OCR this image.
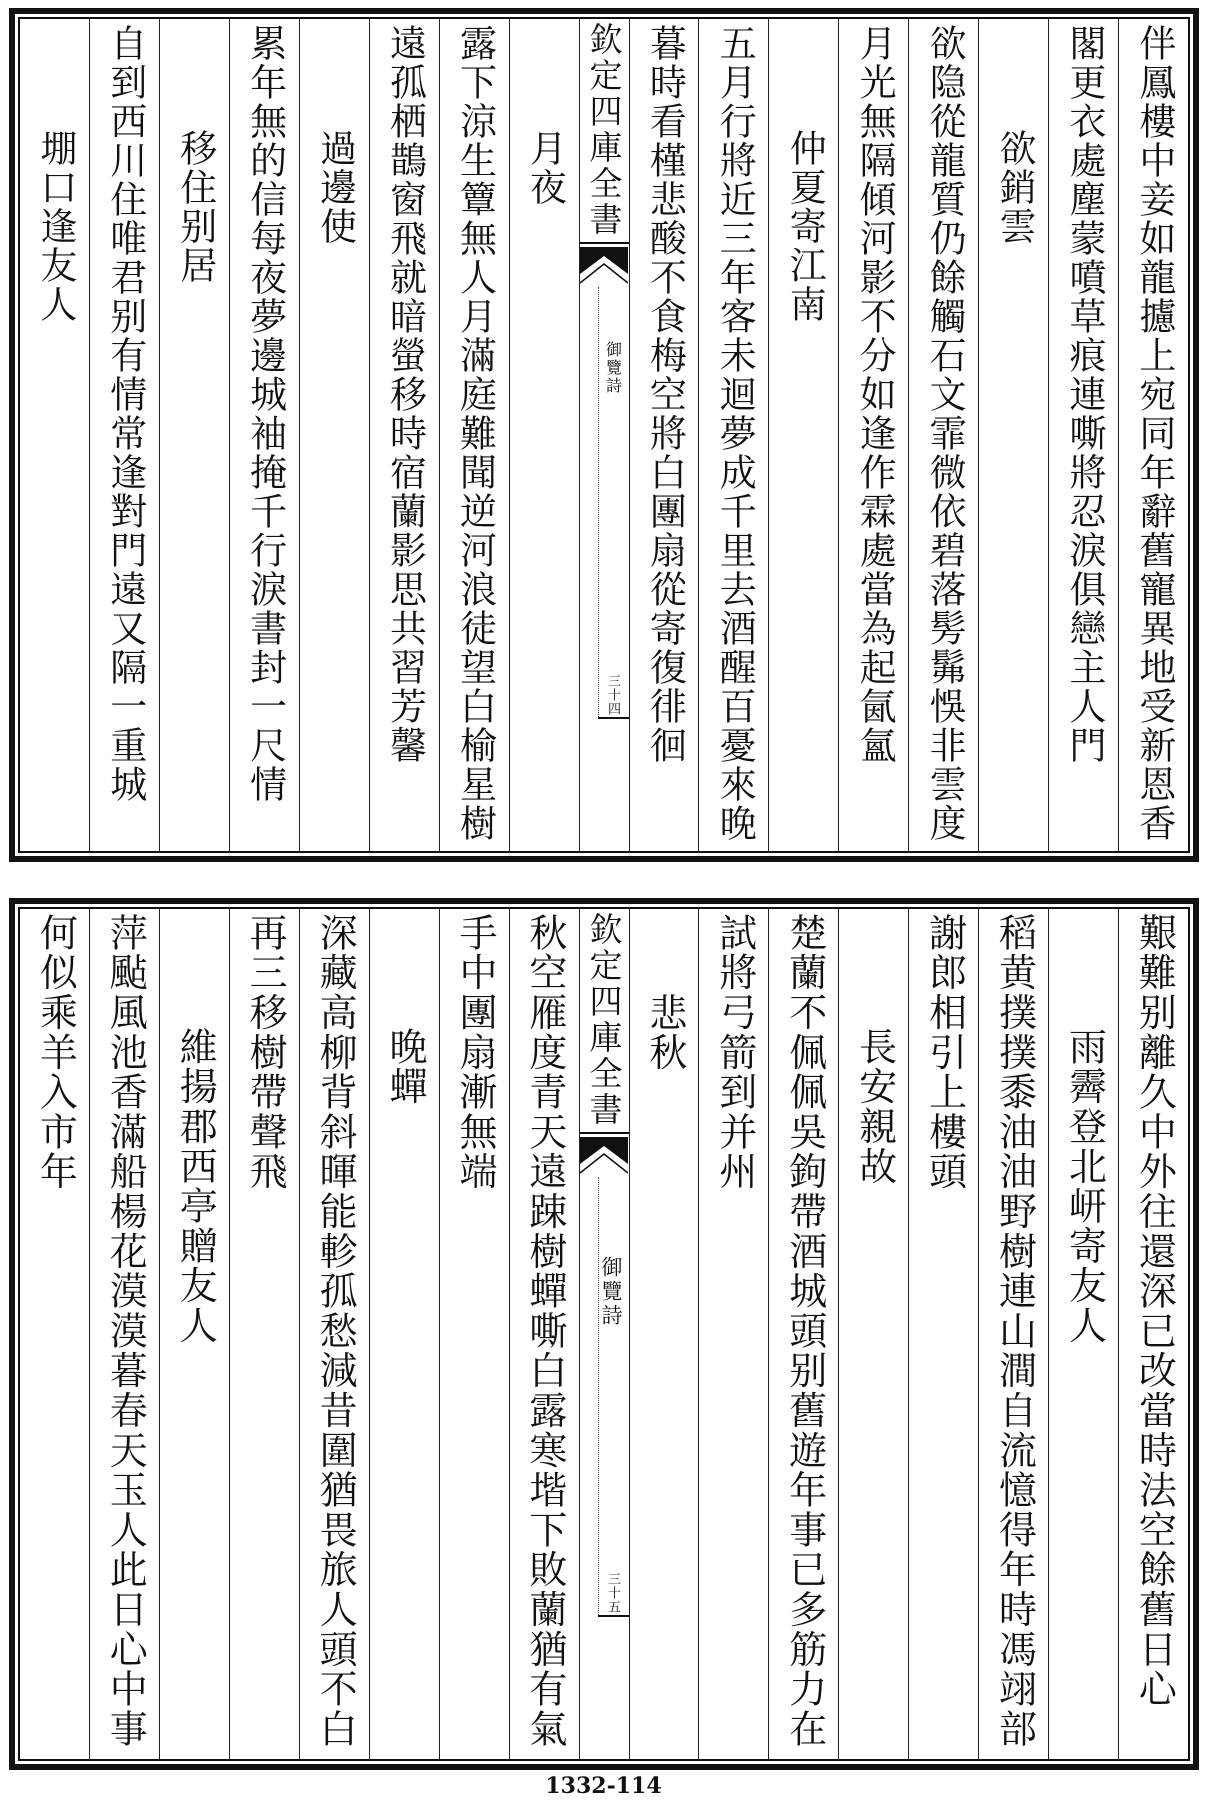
伴鳳樓中妾如龍攄上宛同年辭舊寵異地受新恩香
閣更衣處塵蒙噴草痕連嘶將忍淚俱戀主人門
欲銷雲
欲隐從龍質仍餘觸石文霏微依碧落髣髴悞非雲度
月光無隔傾河影不分如逢作霖處當為起氤氳
仲夏寄江南
五月行將近三年客未迴夢成千里去酒醒百憂來晚
暮時看槿悲酸不食梅空將白團扇從寄復徘徊
欽定四庫全書
御覽詩
三十四
月夜
露下涼生簟無人月滿庭難聞逆河浪徒望白榆星樹
遠孤栖鵲窗飛就暗螢移時宿蘭影思共習芳馨
過邊使
累年無的信每夜夢邊城袖掩千行淚書封一尺情
移住别居
自到西川住唯君别有情常逢對門遠又隔一重城
堋口逢友人
艱難别離久中外往還深已改當時法空餘舊日心
雨霽登北岍寄友人
稻黄撲撲黍油油野樹連山澗自流憶得年時馮翊部
謝郎相引上樓頭
長安親故
楚蘭不佩佩吳鉤帶酒城頭别舊遊年事已多筋力在
試將弓箭到并州
悲秋
欽定四庫全書
御覽詩
三十五
秋空雁度青天遠踈樹蟬嘶白露寒堦下敗蘭猶有氣
手中團扇漸無端
晚蟬
深藏高柳背斜暉能軫孤愁減昔圍猶畏旅人頭不白
再三移樹帶聲飛
維揚郡西亭贈友人
萍颭風池香滿船楊花漠漠暮春天玉人此日心中事
何似乘羊入市年
1332-114
